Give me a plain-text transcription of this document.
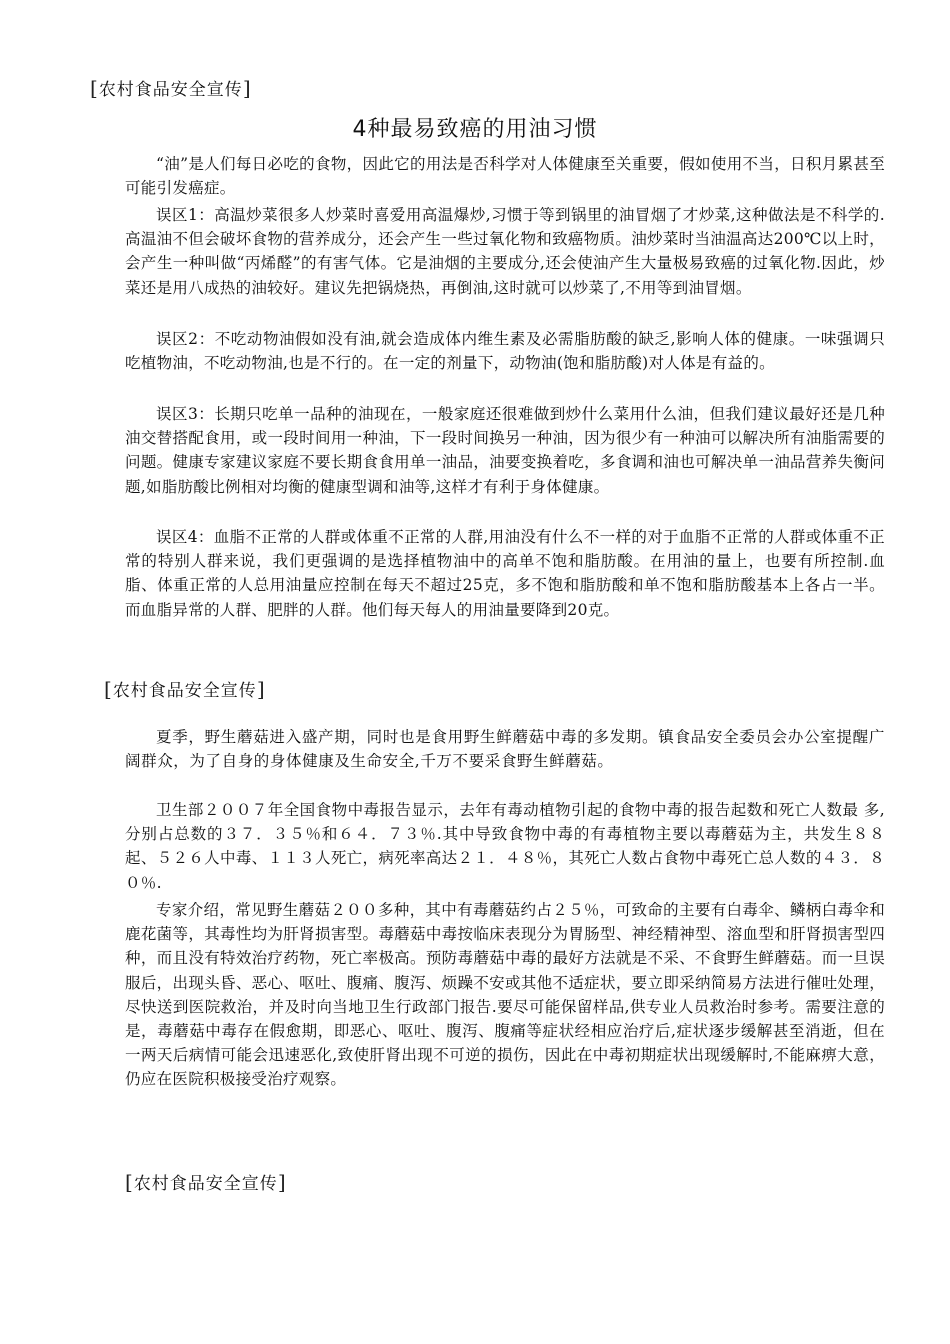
[农村食品安全宣传]
4种最易致癌的用油习惯

“油”是人们每日必吃的食物，因此它的用法是否科学对人体健康至关重要，假如使用不当，日积月累甚至可能引发癌症。

误区1：高温炒菜很多人炒菜时喜爱用高温爆炒,习惯于等到锅里的油冒烟了才炒菜,这种做法是不科学的.高温油不但会破坏食物的营养成分，还会产生一些过氧化物和致癌物质。油炒菜时当油温高达200℃以上时，会产生一种叫做“丙烯醛”的有害气体。它是油烟的主要成分,还会使油产生大量极易致癌的过氧化物.因此，炒菜还是用八成热的油较好。建议先把锅烧热，再倒油,这时就可以炒菜了,不用等到油冒烟。

误区2：不吃动物油假如没有油,就会造成体内维生素及必需脂肪酸的缺乏,影响人体的健康。一味强调只吃植物油，不吃动物油,也是不行的。在一定的剂量下，动物油(饱和脂肪酸)对人体是有益的。

误区3：长期只吃单一品种的油现在，一般家庭还很难做到炒什么菜用什么油，但我们建议最好还是几种油交替搭配食用，或一段时间用一种油，下一段时间换另一种油，因为很少有一种油可以解决所有油脂需要的问题。健康专家建议家庭不要长期食食用单一油品，油要变换着吃，多食调和油也可解决单一油品营养失衡问题,如脂肪酸比例相对均衡的健康型调和油等,这样才有利于身体健康。

误区4：血脂不正常的人群或体重不正常的人群,用油没有什么不一样的对于血脂不正常的人群或体重不正常的特别人群来说，我们更强调的是选择植物油中的高单不饱和脂肪酸。在用油的量上，也要有所控制.血脂、体重正常的人总用油量应控制在每天不超过25克，多不饱和脂肪酸和单不饱和脂肪酸基本上各占一半。而血脂异常的人群、肥胖的人群。他们每天每人的用油量要降到20克。

[农村食品安全宣传]

夏季，野生蘑菇进入盛产期，同时也是食用野生鲜蘑菇中毒的多发期。镇食品安全委员会办公室提醒广阔群众，为了自身的身体健康及生命安全,千万不要采食野生鲜蘑菇。

卫生部２００７年全国食物中毒报告显示，去年有毒动植物引起的食物中毒的报告起数和死亡人数最 多,分别占总数的３７．３５％和６４．７３％.其中导致食物中毒的有毒植物主要以毒蘑菇为主，共发生８８起、５２６人中毒、１１３人死亡，病死率高达２１．４８％，其死亡人数占食物中毒死亡总人数的４３．８０％.

专家介绍，常见野生蘑菇２００多种，其中有毒蘑菇约占２５％，可致命的主要有白毒伞、鳞柄白毒伞和鹿花菌等，其毒性均为肝肾损害型。毒蘑菇中毒按临床表现分为胃肠型、神经精神型、溶血型和肝肾损害型四种，而且没有特效治疗药物，死亡率极高。预防毒蘑菇中毒的最好方法就是不采、不食野生鲜蘑菇。而一旦误服后，出现头昏、恶心、呕吐、腹痛、腹泻、烦躁不安或其他不适症状，要立即采纳简易方法进行催吐处理，尽快送到医院救治，并及时向当地卫生行政部门报告.要尽可能保留样品,供专业人员救治时参考。需要注意的是，毒蘑菇中毒存在假愈期，即恶心、呕吐、腹泻、腹痛等症状经相应治疗后,症状逐步缓解甚至消逝，但在一两天后病情可能会迅速恶化,致使肝肾出现不可逆的损伤，因此在中毒初期症状出现缓解时,不能麻痹大意，仍应在医院积极接受治疗观察。

[农村食品安全宣传]
